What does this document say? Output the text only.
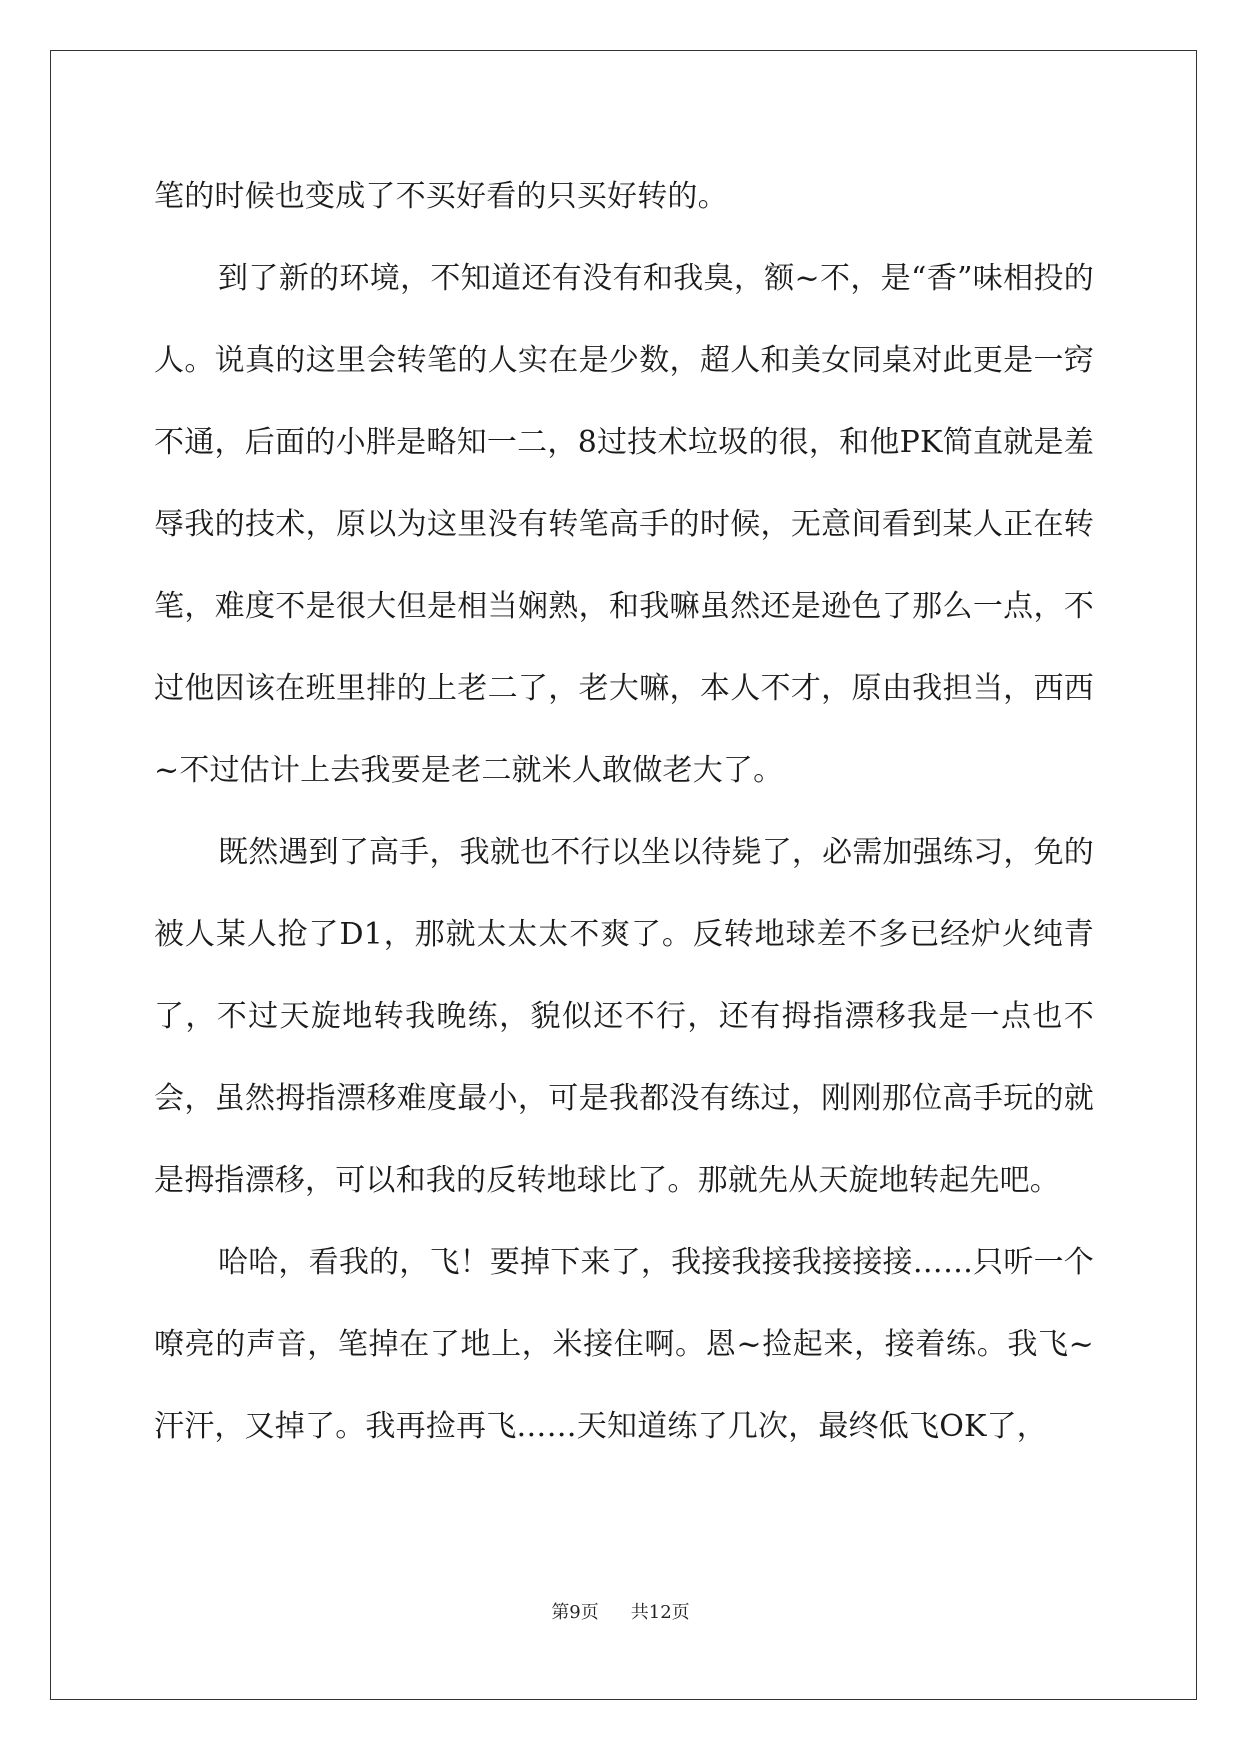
笔的时候也变成了不买好看的只买好转的。

到了新的环境，不知道还有没有和我臭，额~不，是“香”味相投的人。说真的这里会转笔的人实在是少数，超人和美女同桌对此更是一窍不通，后面的小胖是略知一二，8过技术垃圾的很，和他PK简直就是羞辱我的技术，原以为这里没有转笔高手的时候，无意间看到某人正在转笔，难度不是很大但是相当娴熟，和我嘛虽然还是逊色了那么一点，不过他因该在班里排的上老二了，老大嘛，本人不才，原由我担当，西西~不过估计上去我要是老二就米人敢做老大了。

既然遇到了高手，我就也不行以坐以待毙了，必需加强练习，免的被人某人抢了D1，那就太太太不爽了。反转地球差不多已经炉火纯青了，不过天旋地转我晚练，貌似还不行，还有拇指漂移我是一点也不会，虽然拇指漂移难度最小，可是我都没有练过，刚刚那位高手玩的就是拇指漂移，可以和我的反转地球比了。那就先从天旋地转起先吧。

哈哈，看我的，飞！要掉下来了，我接我接我接接接……只听一个嘹亮的声音，笔掉在了地上，米接住啊。恩~捡起来，接着练。我飞~汗汗，又掉了。我再捡再飞……天知道练了几次，最终低飞OK了，

第9页 共12页
